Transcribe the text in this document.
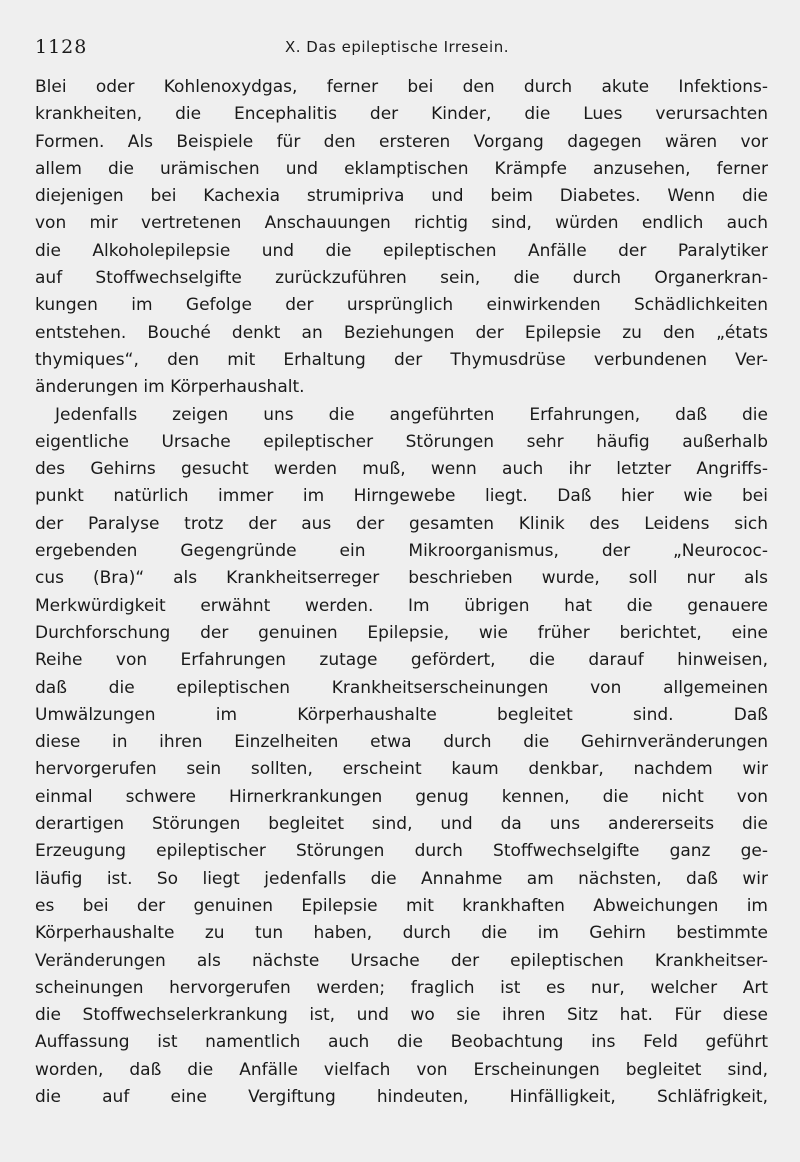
1128	X. Das epileptische Irresein.
Blei oder Kohlenoxydgas, ferner bei den durch akute Infektions-
krankheiten, die Encephalitis der Kinder, die Lues verursachten
Formen. Als Beispiele für den ersteren Vorgang dagegen wären vor
allem die urämischen und eklamptischen Krämpfe anzusehen, ferner
diejenigen bei Kachexia strumipriva und beim Diabetes. Wenn die
von mir vertretenen Anschauungen richtig sind, würden endlich auch
die Alkoholepilepsie und die epileptischen Anfälle der Paralytiker
auf Stoffwechselgifte zurückzuführen sein, die durch Organerkran-
kungen im Gefolge der ursprünglich einwirkenden Schädlichkeiten
entstehen. Bouché denkt an Beziehungen der Epilepsie zu den „états
thymiques“, den mit Erhaltung der Thymusdrüse verbundenen Ver-
änderungen im Körperhaushalt.
Jedenfalls zeigen uns die angeführten Erfahrungen, daß die
eigentliche Ursache epileptischer Störungen sehr häufig außerhalb
des Gehirns gesucht werden muß, wenn auch ihr letzter Angriffs-
punkt natürlich immer im Hirngewebe liegt. Daß hier wie bei
der Paralyse trotz der aus der gesamten Klinik des Leidens sich
ergebenden Gegengründe ein Mikroorganismus, der „Neurococ-
cus (Bra)“ als Krankheitserreger beschrieben wurde, soll nur als
Merkwürdigkeit erwähnt werden. Im übrigen hat die genauere
Durchforschung der genuinen Epilepsie, wie früher berichtet, eine
Reihe von Erfahrungen zutage gefördert, die darauf hinweisen,
daß die epileptischen Krankheitserscheinungen von allgemeinen
Umwälzungen im Körperhaushalte begleitet sind. Daß
diese in ihren Einzelheiten etwa durch die Gehirnveränderungen
hervorgerufen sein sollten, erscheint kaum denkbar, nachdem wir
einmal schwere Hirnerkrankungen genug kennen, die nicht von
derartigen Störungen begleitet sind, und da uns andererseits die
Erzeugung epileptischer Störungen durch Stoffwechselgifte ganz ge-
läufig ist. So liegt jedenfalls die Annahme am nächsten, daß wir
es bei der genuinen Epilepsie mit krankhaften Abweichungen im
Körperhaushalte zu tun haben, durch die im Gehirn bestimmte
Veränderungen als nächste Ursache der epileptischen Krankheitser-
scheinungen hervorgerufen werden; fraglich ist es nur, welcher Art
die Stoffwechselerkrankung ist, und wo sie ihren Sitz hat. Für diese
Auffassung ist namentlich auch die Beobachtung ins Feld geführt
worden, daß die Anfälle vielfach von Erscheinungen begleitet sind,
die auf eine Vergiftung hindeuten, Hinfälligkeit, Schläfrigkeit,
